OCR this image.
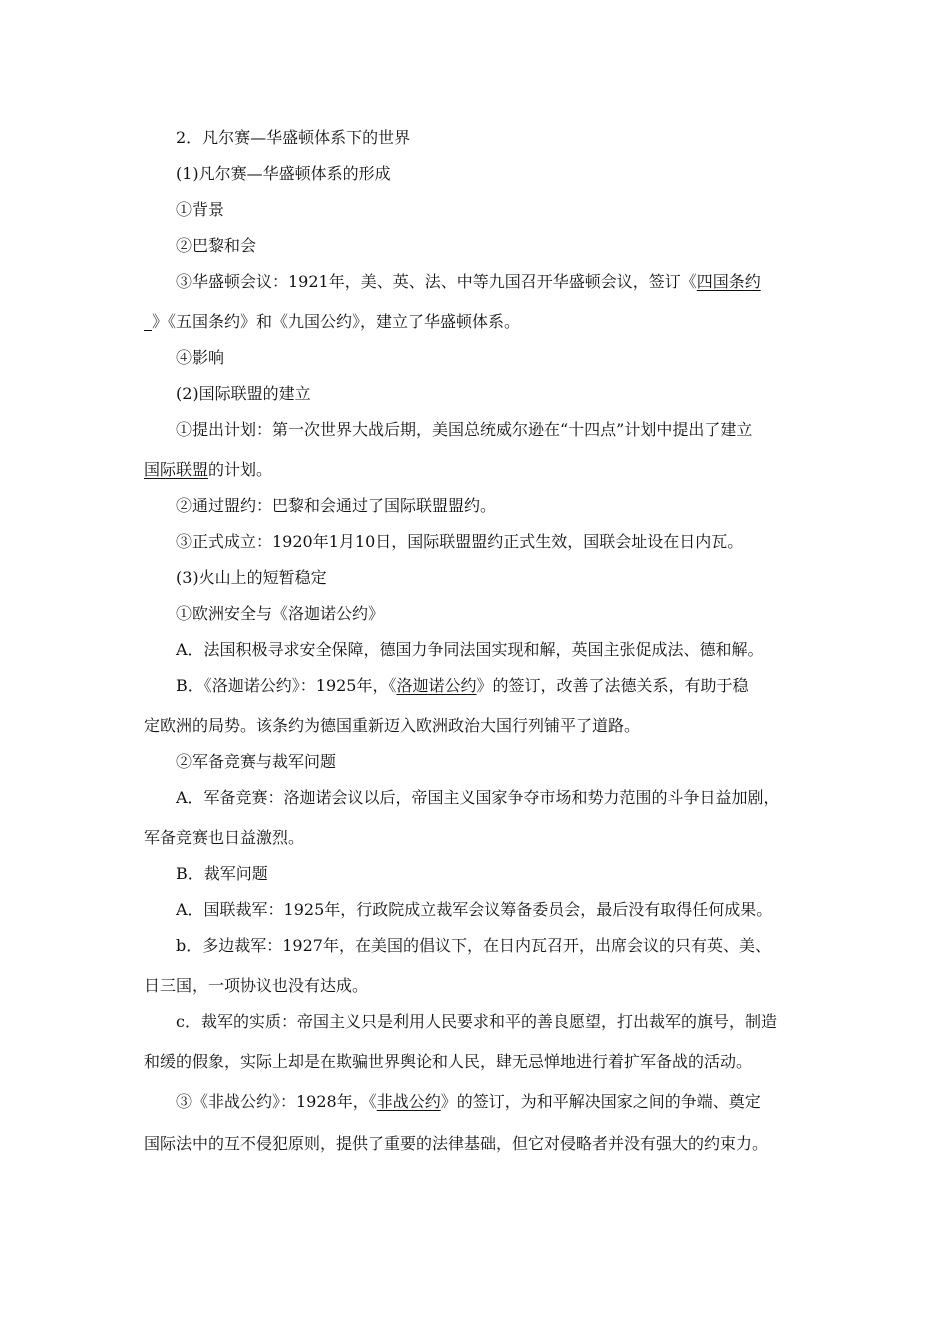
2．凡尔赛—华盛顿体系下的世界
(1)凡尔赛—华盛顿体系的形成
①背景
②巴黎和会
③华盛顿会议：1921年，美、英、法、中等九国召开华盛顿会议，签订《四国条约
_》《五国条约》和《九国公约》，建立了华盛顿体系。
④影响
(2)国际联盟的建立
①提出计划：第一次世界大战后期，美国总统威尔逊在“十四点”计划中提出了建立
国际联盟的计划。
②通过盟约：巴黎和会通过了国际联盟盟约。
③正式成立：1920年1月10日，国际联盟盟约正式生效，国联会址设在日内瓦。
(3)火山上的短暂稳定
①欧洲安全与《洛迦诺公约》
A．法国积极寻求安全保障，德国力争同法国实现和解，英国主张促成法、德和解。
B．《洛迦诺公约》：1925年，《洛迦诺公约》的签订，改善了法德关系，有助于稳
定欧洲的局势。该条约为德国重新迈入欧洲政治大国行列铺平了道路。
②军备竞赛与裁军问题
A．军备竞赛：洛迦诺会议以后，帝国主义国家争夺市场和势力范围的斗争日益加剧，
军备竞赛也日益激烈。
B．裁军问题
A．国联裁军：1925年，行政院成立裁军会议筹备委员会，最后没有取得任何成果。
b．多边裁军：1927年，在美国的倡议下，在日内瓦召开，出席会议的只有英、美、
日三国，一项协议也没有达成。
c．裁军的实质：帝国主义只是利用人民要求和平的善良愿望，打出裁军的旗号，制造
和缓的假象，实际上却是在欺骗世界舆论和人民，肆无忌惮地进行着扩军备战的活动。
③《非战公约》：1928年，《非战公约》的签订，为和平解决国家之间的争端、奠定
国际法中的互不侵犯原则，提供了重要的法律基础，但它对侵略者并没有强大的约束力。
